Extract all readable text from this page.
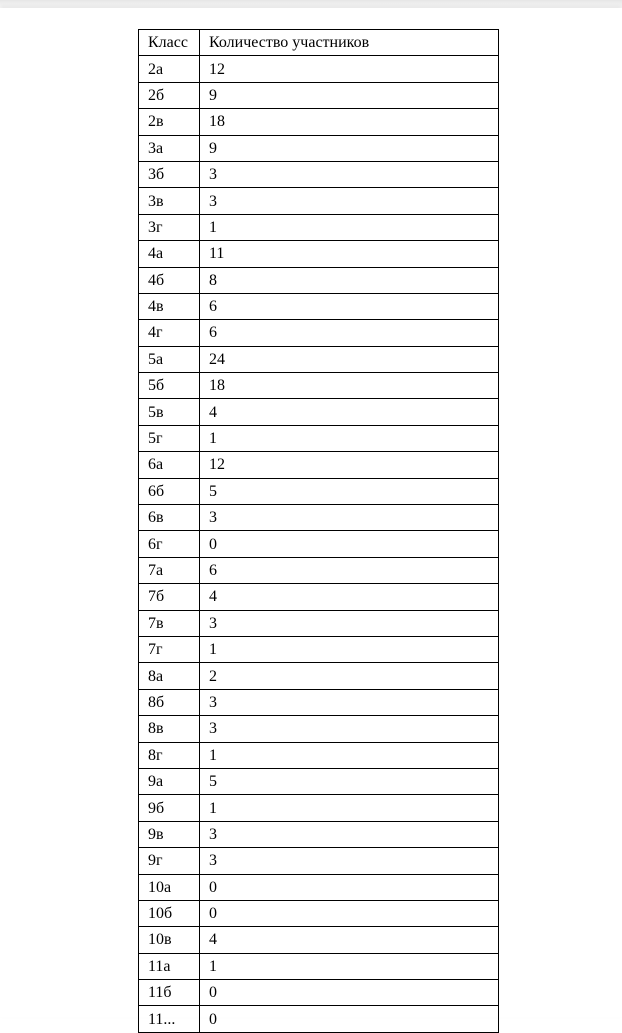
Класс	Количество участников
2а	12
2б	9
2в	18
3а	9
3б	3
3в	3
3г	1
4а	11
4б	8
4в	6
4г	6
5а	24
5б	18
5в	4
5г	1
6а	12
6б	5
6в	3
6г	0
7а	6
7б	4
7в	3
7г	1
8а	2
8б	3
8в	3
8г	1
9а	5
9б	1
9в	3
9г	3
10а	0
10б	0
10в	4
11а	1
11б	0
11...	0
